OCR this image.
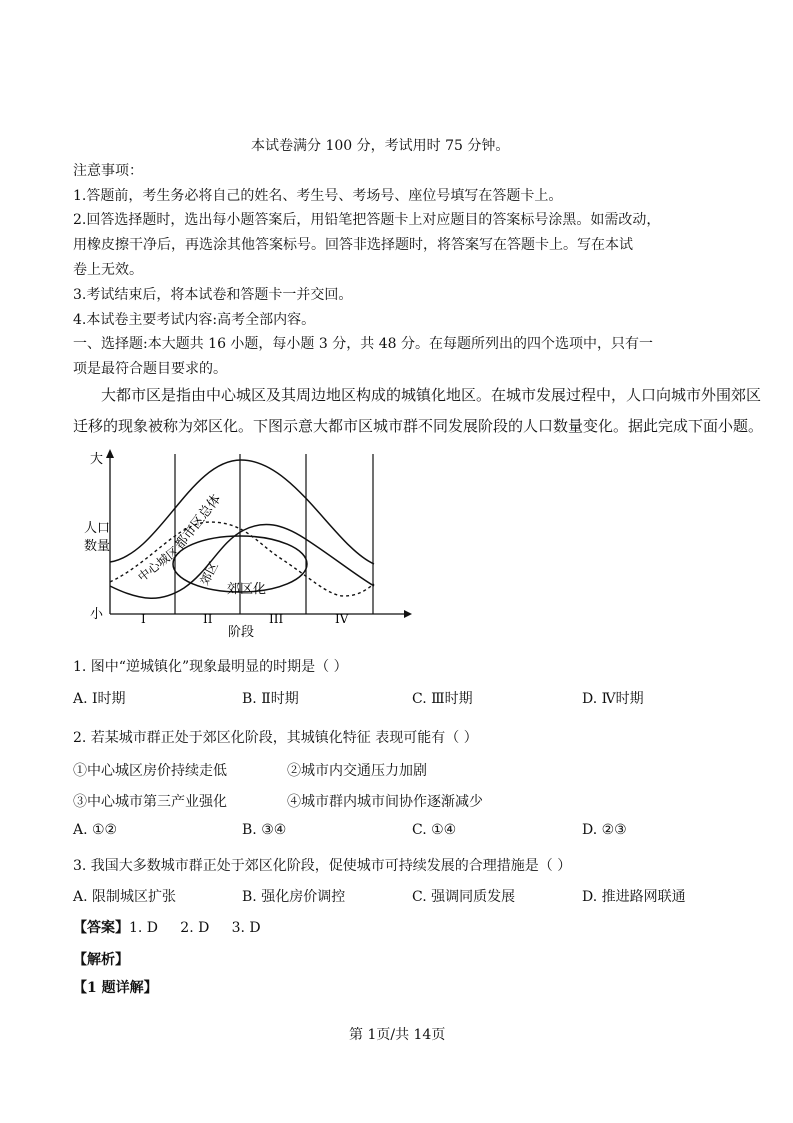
本试卷满分 100 分，考试用时 75 分钟。
注意事项：
1.答题前，考生务必将自己的姓名、考生号、考场号、座位号填写在答题卡上。
2.回答选择题时，选出每小题答案后，用铅笔把答题卡上对应题目的答案标号涂黑。如需改动，
用橡皮擦干净后，再选涂其他答案标号。回答非选择题时，将答案写在答题卡上。写在本试
卷上无效。
3.考试结束后，将本试卷和答题卡一并交回。
4.本试卷主要考试内容:高考全部内容。
一、选择题:本大题共 16 小题，每小题 3 分，共 48 分。在每题所列出的四个选项中，只有一
项是最符合题目要求的。
大都市区是指由中心城区及其周边地区构成的城镇化地区。在城市发展过程中，人口向城市外围郊区
迁移的现象被称为郊区化。下图示意大都市区城市群不同发展阶段的人口数量变化。据此完成下面小题。
大
人口
数量
小
阶段
I	II	III	IV
都市区总体
中心城区 郊区
郊区化
1. 图中“逆城镇化”现象最明显的时期是（ ）
A. Ⅰ时期	B. Ⅱ时期	C. Ⅲ时期	D. Ⅳ时期
2. 若某城市群正处于郊区化阶段，其城镇化特征 表现可能有（ ）
①中心城区房价持续走低	②城市内交通压力加剧
③中心城市第三产业强化	④城市群内城市间协作逐渐减少
A. ①②	B. ③④	C. ①④	D. ②③
3. 我国大多数城市群正处于郊区化阶段，促使城市可持续发展的合理措施是（ ）
A. 限制城区扩张	B. 强化房价调控	C. 强调同质发展	D. 推进路网联通
【答案】1. D     2. D     3. D
【解析】
【1 题详解】
第 1页/共 14页
